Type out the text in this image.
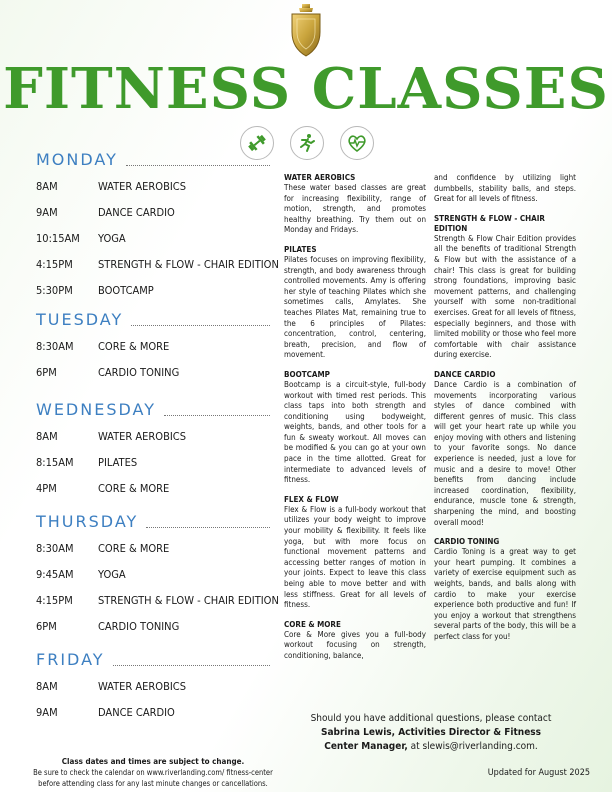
FITNESS CLASSES
MONDAY
8AM	WATER AEROBICS
9AM	DANCE CARDIO
10:15AM YOGA
4:15PM STRENGTH & FLOW - CHAIR EDITION
5:30PM BOOTCAMP
TUESDAY
8:30AM CORE & MORE
6PM	CARDIO TONING
WEDNESDAY
8AM	WATER AEROBICS
8:15AM PILATES
4PM	CORE & MORE
THURSDAY
8:30AM CORE & MORE
9:45AM YOGA
4:15PM STRENGTH & FLOW - CHAIR EDITION
6PM	CARDIO TONING
FRIDAY
8AM	WATER AEROBICS
9AM	DANCE CARDIO
Class dates and times are subject to change.
Be sure to check the calendar on www.riverlanding.com/ fitness-center before attending class for any last minute changes or cancellations.

WATER AEROBICS

These water based classes are great for increasing flexibility, range of motion, strength, and promotes healthy breathing. Try them out on Monday and Fridays.

PILATES

Pilates focuses on improving flexibility, strength, and body awareness through controlled movements. Amy is offering her style of teaching Pilates which she sometimes calls, Amylates. She teaches Pilates Mat, remaining true to the 6 principles of Pilates: concentration, control, centering, breath, precision, and flow of movement.

BOOTCAMP

Bootcamp is a circuit-style, full-body workout with timed rest periods. This class taps into both strength and conditioning using bodyweight, weights, bands, and other tools for a fun & sweaty workout. All moves can be modified & you can go at your own pace in the time allotted. Great for intermediate to advanced levels of fitness.

FLEX & FLOW

Flex & Flow is a full-body workout that utilizes your body weight to improve your mobility & flexibility. It feels like yoga, but with more focus on functional movement patterns and accessing better ranges of motion in your joints. Expect to leave this class being able to move better and with less stiffness. Great for all levels of fitness.

CORE & MORE

Core & More gives you a full-body workout focusing on strength, conditioning, balance,

and confidence by utilizing light dumbbells, stability balls, and steps. Great for all levels of fitness.

STRENGTH & FLOW - CHAIR EDITION

Strength & Flow Chair Edition provides all the benefits of traditional Strength & Flow but with the assistance of a chair! This class is great for building strong foundations, improving basic movement patterns, and challenging yourself with some non-traditional exercises. Great for all levels of fitness, especially beginners, and those with limited mobility or those who feel more comfortable with chair assistance during exercise.

DANCE CARDIO

Dance Cardio is a combination of movements incorporating various styles of dance combined with different genres of music. This class will get your heart rate up while you enjoy moving with others and listening to your favorite songs. No dance experience is needed, just a love for music and a desire to move! Other benefits from dancing include increased coordination, flexibility, endurance, muscle tone & strength, sharpening the mind, and boosting overall mood!

CARDIO TONING

Cardio Toning is a great way to get your heart pumping. It combines a variety of exercise equipment such as weights, bands, and balls along with cardio to make your exercise experience both productive and fun! If you enjoy a workout that strengthens several parts of the body, this will be a perfect class for you!

Should you have additional questions, please contact
Sabrina Lewis, Activities Director & Fitness
Center Manager, at slewis@riverlanding.com.
Updated for August 2025
